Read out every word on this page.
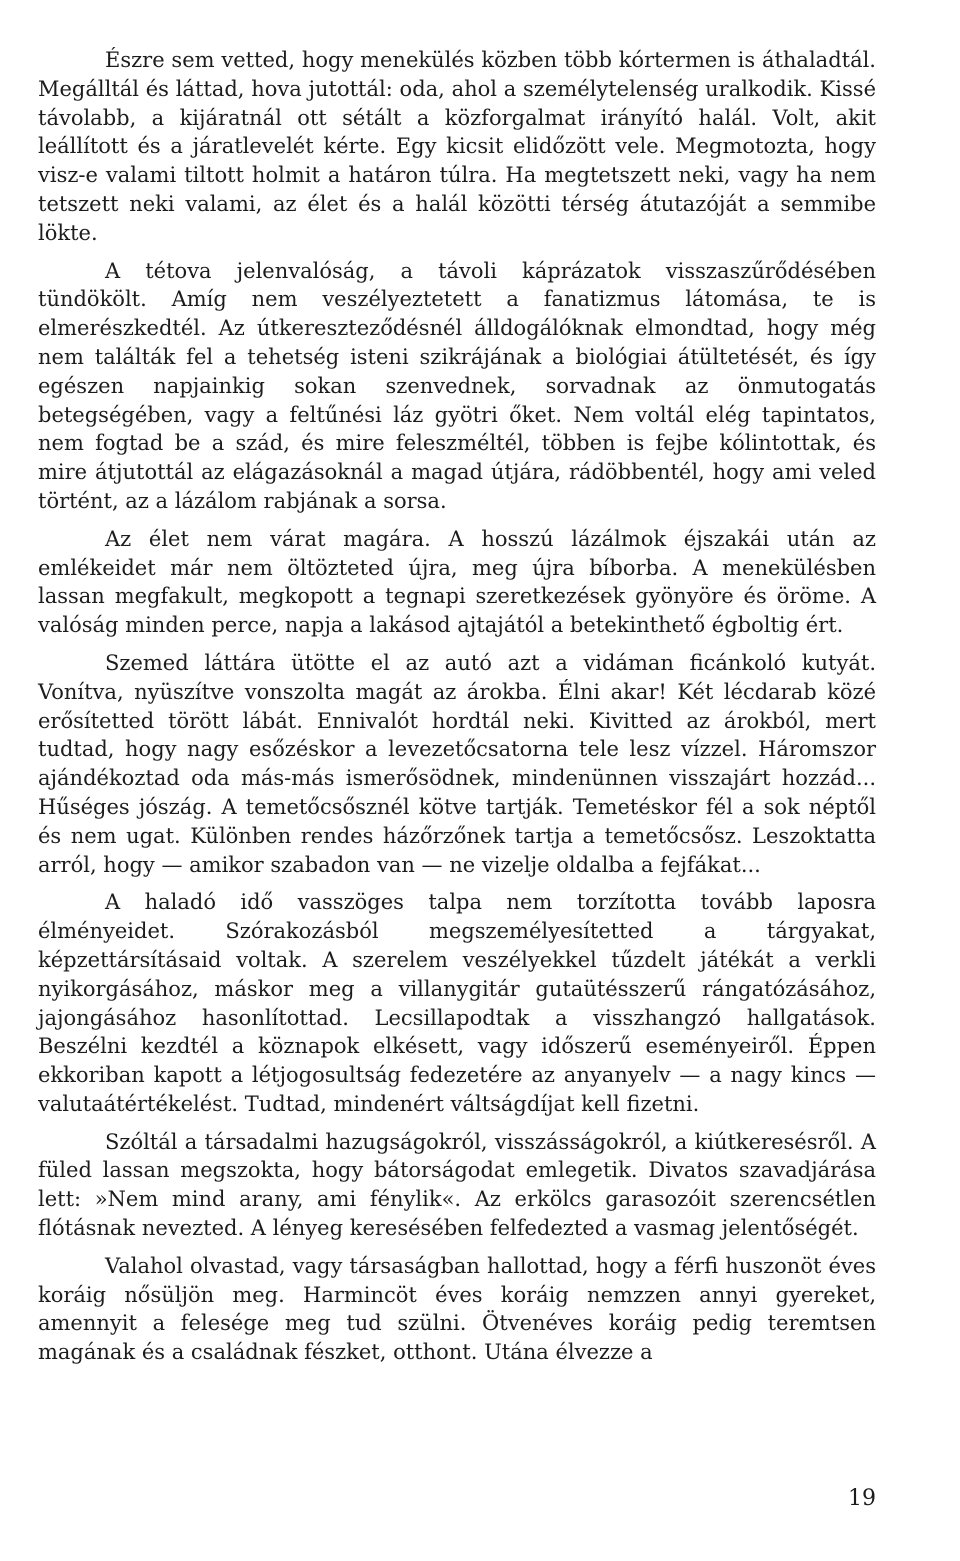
Észre sem vetted, hogy menekülés közben több kórtermen is áthaladtál. Megálltál és láttad, hova jutottál: oda, ahol a személytelenség uralkodik. Kissé távolabb, a kijáratnál ott sétált a közforgalmat irányító halál. Volt, akit leállított és a járatlevelét kérte. Egy kicsit elidőzött vele. Megmotozta, hogy visz-e valami tiltott holmit a határon túlra. Ha megtetszett neki, vagy ha nem tetszett neki valami, az élet és a halál közötti térség átutazóját a semmibe lökte.

A tétova jelenvalóság, a távoli káprázatok visszaszűrődésében tündökölt. Amíg nem veszélyeztetett a fanatizmus látomása, te is elmerészkedtél. Az útkereszteződésnél álldogálóknak elmondtad, hogy még nem találták fel a tehetség isteni szikrájának a biológiai átültetését, és így egészen napjainkig sokan szenvednek, sorvadnak az önmutogatás betegségében, vagy a feltűnési láz gyötri őket. Nem voltál elég tapintatos, nem fogtad be a szád, és mire feleszméltél, többen is fejbe kólintottak, és mire átjutottál az elágazásoknál a magad útjára, rádöbbentél, hogy ami veled történt, az a lázálom rabjának a sorsa.

Az élet nem várat magára. A hosszú lázálmok éjszakái után az emlékeidet már nem öltözteted újra, meg újra bíborba. A menekülésben lassan megfakult, megkopott a tegnapi szeretkezések gyönyöre és öröme. A valóság minden perce, napja a lakásod ajtajától a betekinthető égboltig ért.

Szemed láttára ütötte el az autó azt a vidáman ficánkoló kutyát. Vonítva, nyüszítve vonszolta magát az árokba. Élni akar! Két lécdarab közé erősítetted törött lábát. Ennivalót hordtál neki. Kivitted az árokból, mert tudtad, hogy nagy esőzéskor a levezetőcsatorna tele lesz vízzel. Háromszor ajándékoztad oda más-más ismerősödnek, mindenünnen visszajárt hozzád... Hűséges jószág. A temetőcsősznél kötve tartják. Temetéskor fél a sok néptől és nem ugat. Különben rendes házőrzőnek tartja a temetőcsősz. Leszoktatta arról, hogy — amikor szabadon van — ne vizelje oldalba a fejfákat...

A haladó idő vasszöges talpa nem torzította tovább laposra élményeidet. Szórakozásból megszemélyesítetted a tárgyakat, képzettársításaid voltak. A szerelem veszélyekkel tűzdelt játékát a verkli nyikorgásához, máskor meg a villanygitár gutaütésszerű rángatózásához, jajongásához hasonlítottad. Lecsillapodtak a visszhangzó hallgatások. Beszélni kezdtél a köznapok elkésett, vagy időszerű eseményeiről. Éppen ekkoriban kapott a létjogosultság fedezetére az anyanyelv — a nagy kincs — valutaátértékelést. Tudtad, mindenért váltságdíjat kell fizetni.

Szóltál a társadalmi hazugságokról, visszásságokról, a kiútkeresésről. A füled lassan megszokta, hogy bátorságodat emlegetik. Divatos szavadjárása lett: »Nem mind arany, ami fénylik«. Az erkölcs garasozóit szerencsétlen flótásnak nevezted. A lényeg keresésében felfedezted a vasmag jelentőségét.

Valahol olvastad, vagy társaságban hallottad, hogy a férfi huszonöt éves koráig nősüljön meg. Harmincöt éves koráig nemzzen annyi gyereket, amennyit a felesége meg tud szülni. Ötvenéves koráig pedig teremtsen magának és a családnak fészket, otthont. Utána élvezze a

19
